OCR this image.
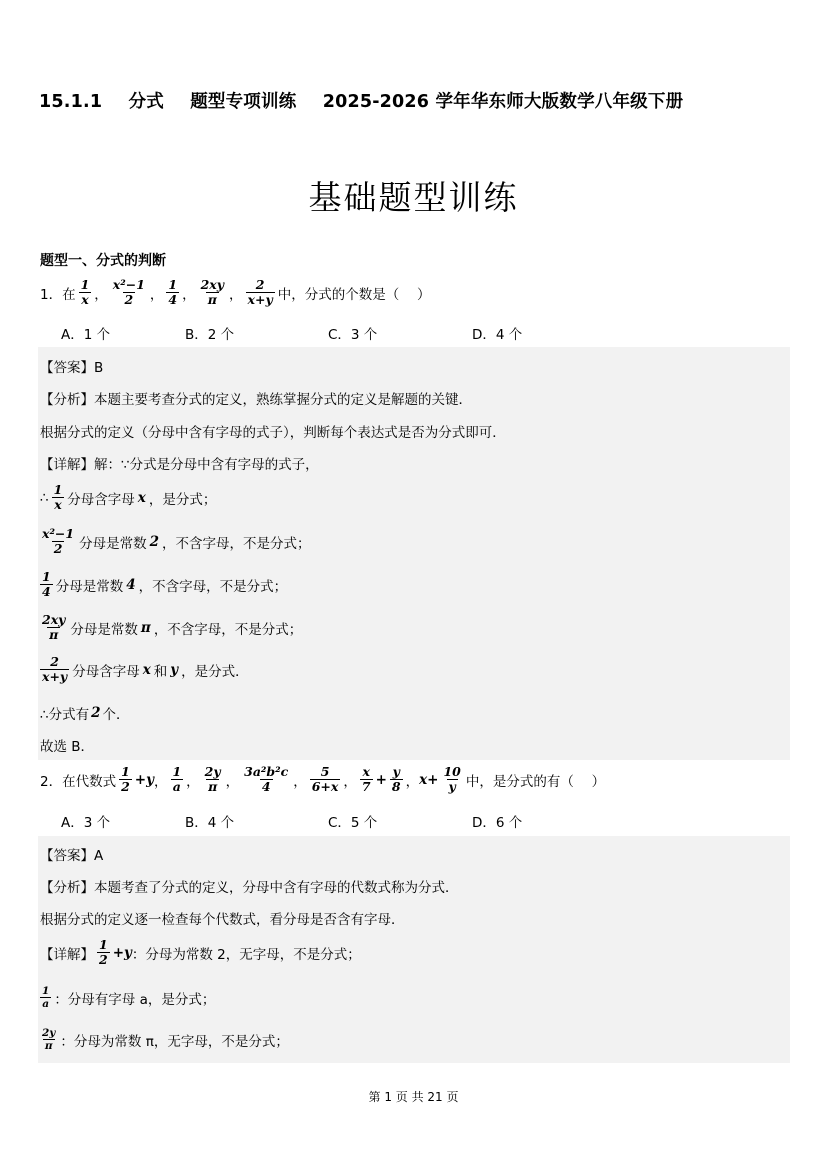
15.1.1 分式 题型专项训练 2025-2026 学年华东师大版数学八年级下册
基础题型训练
题型一、分式的判断
1．在 $\frac{1}{x}$ ， $\frac{\text{x²−1}}{2}$ ， $\frac{1}{4}$ ， $\frac{2xy}{\pi}$ ， $\frac{2}{x+y}$ 中，分式的个数是（　 ）
A．1 个	B．2 个	C．3 个	D．4 个
【答案】B
【分析】本题主要考查分式的定义，熟练掌握分式的定义是解题的关键．
根据分式的定义（分母中含有字母的式子），判断每个表达式是否为分式即可．
【详解】解：∵分式是分母中含有字母的式子，
∴ $\frac{1}{x}$ 分母含字母 x ，是分式；
$\frac{\text{x²−1}}{2}$ 分母是常数 2 ，不含字母，不是分式；
$\frac{1}{4}$ 分母是常数 4 ，不含字母，不是分式；
$\frac{2xy}{\pi}$ 分母是常数 π ，不含字母，不是分式；
$\frac{2}{x+y}$ 分母含字母 x 和 y ，是分式．
∴分式有 2 个．
故选 B．
2．在代数式 $\frac{1}{2} +y$ ， $\frac{1}{a}$ ， $\frac{2y}{\pi}$ ， $\frac{\text{3a²b²c}}{4}$ ， $\frac{5}{6+x}$ ， $\frac{x}{7} + \frac{y}{8}$ ， $x+ \frac{10}{y}$ 中，是分式的有（　 ）
A．3 个	B．4 个	C．5 个	D．6 个
【答案】A
【分析】本题考查了分式的定义，分母中含有字母的代数式称为分式．
根据分式的定义逐一检查每个代数式，看分母是否含有字母．
【详解】 $\frac{1}{2} +y$ ：分母为常数 2，无字母，不是分式；
$\frac{1}{a}$ ：分母有字母 a，是分式；
$\frac{2y}{\pi}$ ：分母为常数 π，无字母，不是分式；
第 1 页 共 21 页
